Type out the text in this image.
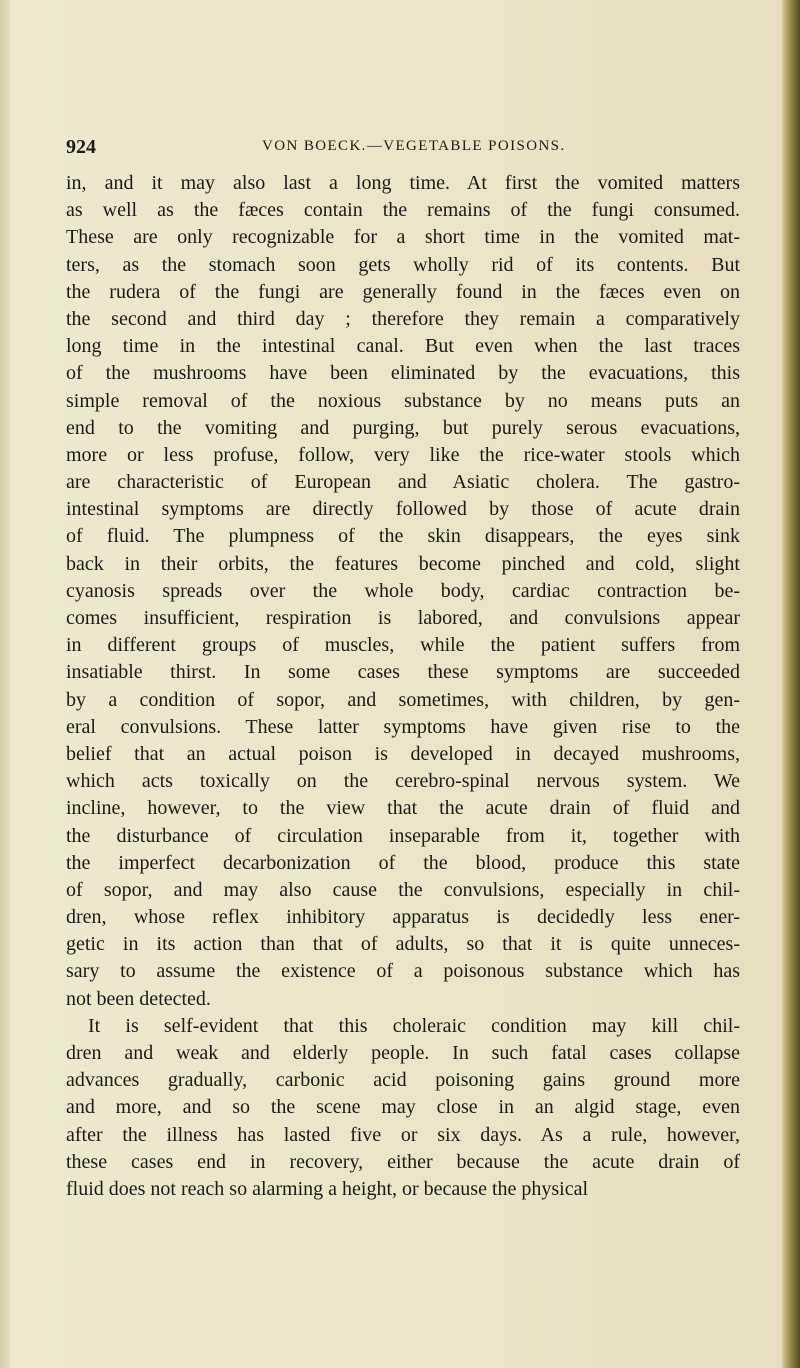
924	VON BOECK.—VEGETABLE POISONS.
in, and it may also last a long time. At first the vomited matters
as well as the fæces contain the remains of the fungi consumed.
These are only recognizable for a short time in the vomited mat-
ters, as the stomach soon gets wholly rid of its contents. But
the rudera of the fungi are generally found in the fæces even on
the second and third day ; therefore they remain a comparatively
long time in the intestinal canal. But even when the last traces
of the mushrooms have been eliminated by the evacuations, this
simple removal of the noxious substance by no means puts an
end to the vomiting and purging, but purely serous evacuations,
more or less profuse, follow, very like the rice-water stools which
are characteristic of European and Asiatic cholera. The gastro-
intestinal symptoms are directly followed by those of acute drain
of fluid. The plumpness of the skin disappears, the eyes sink
back in their orbits, the features become pinched and cold, slight
cyanosis spreads over the whole body, cardiac contraction be-
comes insufficient, respiration is labored, and convulsions appear
in different groups of muscles, while the patient suffers from
insatiable thirst. In some cases these symptoms are succeeded
by a condition of sopor, and sometimes, with children, by gen-
eral convulsions. These latter symptoms have given rise to the
belief that an actual poison is developed in decayed mushrooms,
which acts toxically on the cerebro-spinal nervous system. We
incline, however, to the view that the acute drain of fluid and
the disturbance of circulation inseparable from it, together with
the imperfect decarbonization of the blood, produce this state
of sopor, and may also cause the convulsions, especially in chil-
dren, whose reflex inhibitory apparatus is decidedly less ener-
getic in its action than that of adults, so that it is quite unneces-
sary to assume the existence of a poisonous substance which has
not been detected.
It is self-evident that this choleraic condition may kill chil-
dren and weak and elderly people. In such fatal cases collapse
advances gradually, carbonic acid poisoning gains ground more
and more, and so the scene may close in an algid stage, even
after the illness has lasted five or six days. As a rule, however,
these cases end in recovery, either because the acute drain of
fluid does not reach so alarming a height, or because the physical
